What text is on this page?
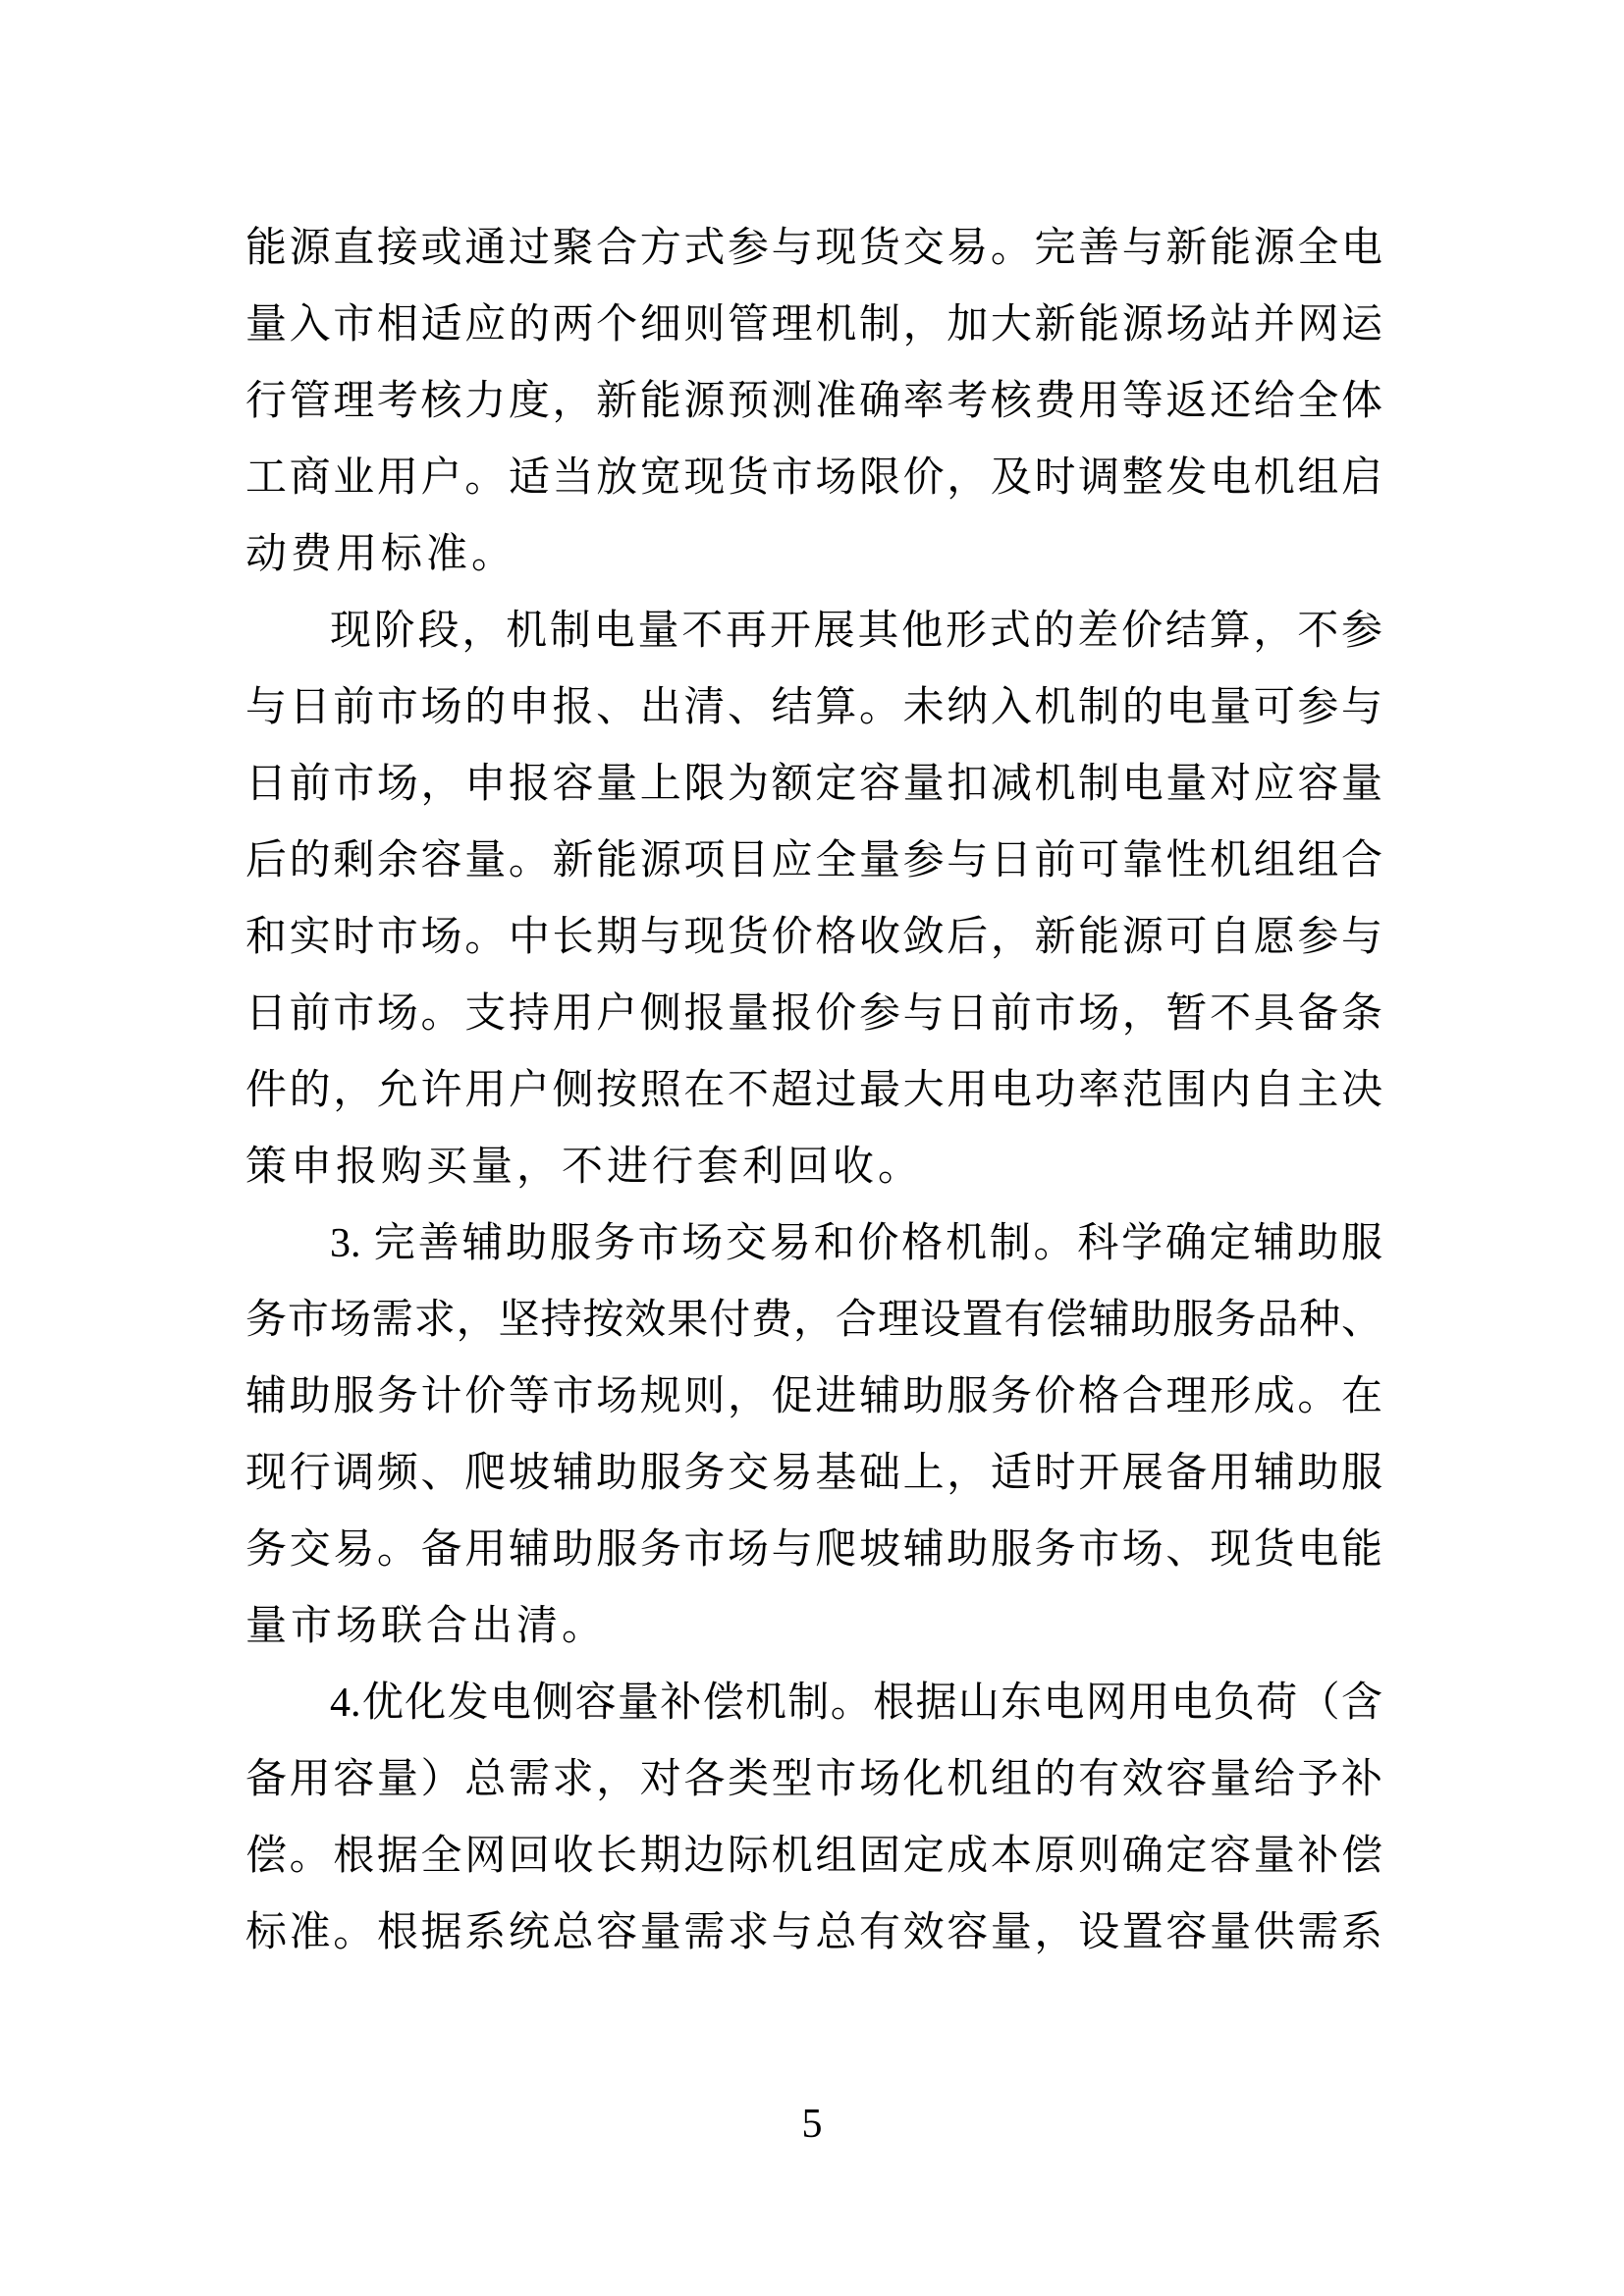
能源直接或通过聚合方式参与现货交易。完善与新能源全电
量入市相适应的两个细则管理机制，加大新能源场站并网运
行管理考核力度，新能源预测准确率考核费用等返还给全体
工商业用户。适当放宽现货市场限价，及时调整发电机组启
动费用标准。
现阶段，机制电量不再开展其他形式的差价结算，不参
与日前市场的申报、出清、结算。未纳入机制的电量可参与
日前市场，申报容量上限为额定容量扣减机制电量对应容量
后的剩余容量。新能源项目应全量参与日前可靠性机组组合
和实时市场。中长期与现货价格收敛后，新能源可自愿参与
日前市场。支持用户侧报量报价参与日前市场，暂不具备条
件的，允许用户侧按照在不超过最大用电功率范围内自主决
策申报购买量，不进行套利回收。
3. 完善辅助服务市场交易和价格机制。科学确定辅助服
务市场需求，坚持按效果付费，合理设置有偿辅助服务品种、
辅助服务计价等市场规则，促进辅助服务价格合理形成。在
现行调频、爬坡辅助服务交易基础上，适时开展备用辅助服
务交易。备用辅助服务市场与爬坡辅助服务市场、现货电能
量市场联合出清。
4.优化发电侧容量补偿机制。根据山东电网用电负荷（含
备用容量）总需求，对各类型市场化机组的有效容量给予补
偿。根据全网回收长期边际机组固定成本原则确定容量补偿
标准。根据系统总容量需求与总有效容量，设置容量供需系
5
